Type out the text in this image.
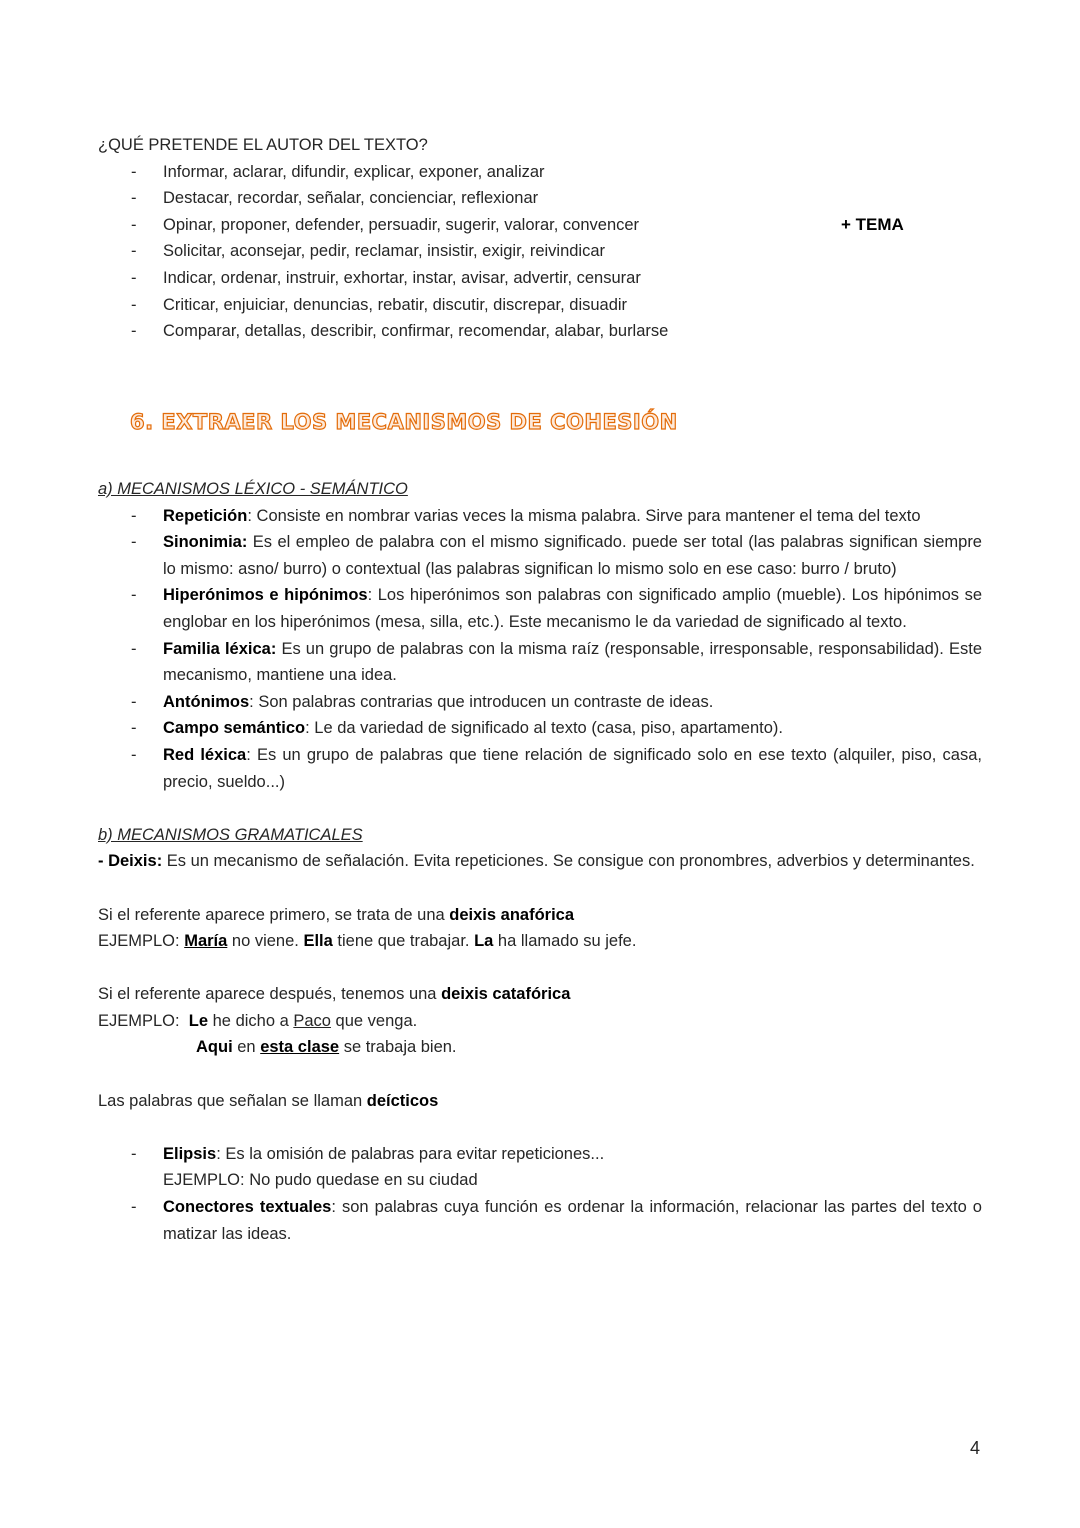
¿QUÉ PRETENDE EL AUTOR DEL TEXTO?
- Informar, aclarar, difundir, explicar, exponer, analizar
- Destacar, recordar, señalar, concienciar, reflexionar
- Opinar, proponer, defender, persuadir, sugerir, valorar, convencer
- Solicitar, aconsejar, pedir, reclamar, insistir, exigir, reivindicar
- Indicar, ordenar, instruir, exhortar, instar, avisar, advertir, censurar
- Criticar, enjuiciar, denuncias, rebatir, discutir, discrepar, disuadir
- Comparar, detallas, describir, confirmar, recomendar, alabar, burlarse
+ TEMA
6. EXTRAER LOS MECANISMOS DE COHESIÓN
a) MECANISMOS LÉXICO - SEMÁNTICO
- Repetición: Consiste en nombrar varias veces la misma palabra. Sirve para mantener el tema del texto
- Sinonimia: Es el empleo de palabra con el mismo significado. puede ser total (las palabras significan siempre lo mismo: asno/ burro) o contextual (las palabras significan lo mismo solo en ese caso: burro / bruto)
- Hiperónimos e hipónimos: Los hiperónimos son palabras con significado amplio (mueble). Los hipónimos se englobar en los hiperónimos (mesa, silla, etc.). Este mecanismo le da variedad de significado al texto.
- Familia léxica: Es un grupo de palabras con la misma raíz (responsable, irresponsable, responsabilidad). Este mecanismo, mantiene una idea.
- Antónimos: Son palabras contrarias que introducen un contraste de ideas.
- Campo semántico: Le da variedad de significado al texto (casa, piso, apartamento).
- Red léxica: Es un grupo de palabras que tiene relación de significado solo en ese texto (alquiler, piso, casa, precio, sueldo...)
b) MECANISMOS GRAMATICALES
- Deixis: Es un mecanismo de señalación. Evita repeticiones. Se consigue con pronombres, adverbios y determinantes.
Si el referente aparece primero, se trata de una deixis anafórica
EJEMPLO: María no viene. Ella tiene que trabajar. La ha llamado su jefe.
Si el referente aparece después, tenemos una deixis catafórica
EJEMPLO:  Le he dicho a Paco que venga.
Aqui en esta clase se trabaja bien.
Las palabras que señalan se llaman deícticos
- Elipsis: Es la omisión de palabras para evitar repeticiones...
EJEMPLO: No pudo quedase en su ciudad
- Conectores textuales: son palabras cuya función es ordenar la información, relacionar las partes del texto o matizar las ideas.
4
